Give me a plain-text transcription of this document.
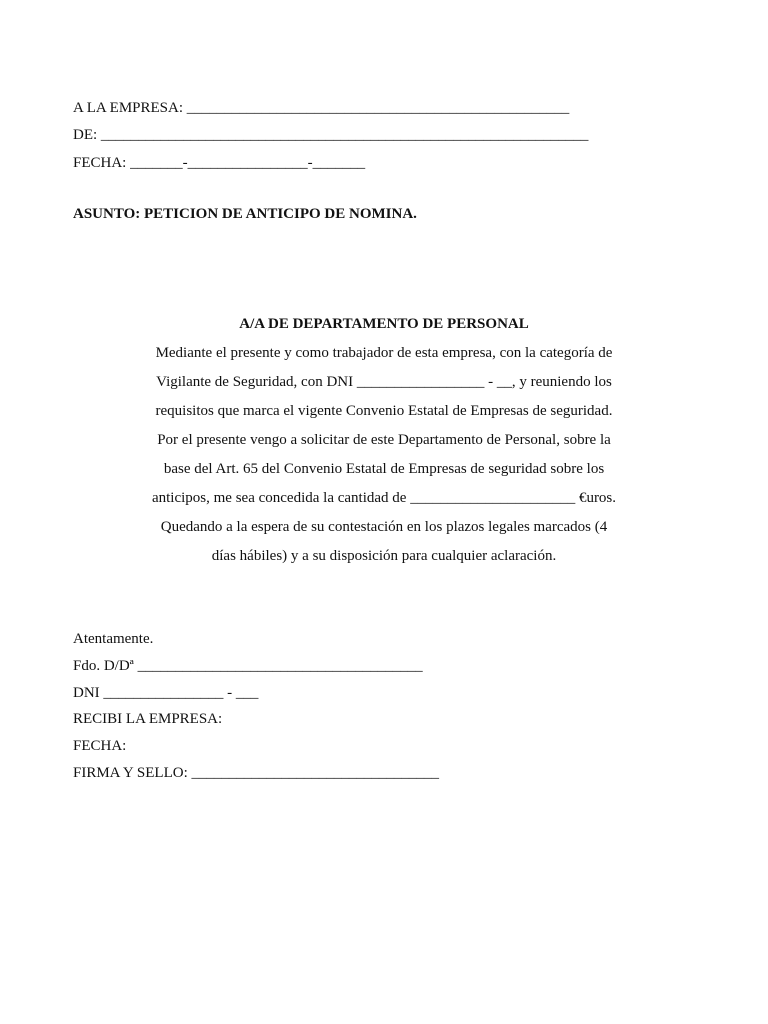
A LA EMPRESA: ___________________________________________________
DE: _________________________________________________________________
FECHA: _______-________________-_______
ASUNTO: PETICION DE ANTICIPO DE NOMINA.
A/A DE DEPARTAMENTO DE PERSONAL
Mediante el presente y como trabajador de esta empresa, con la categoría de
Vigilante de Seguridad, con DNI _________________ - __, y reuniendo los
requisitos que marca el vigente Convenio Estatal de Empresas de seguridad.
Por el presente vengo a solicitar de este Departamento de Personal, sobre la
base del Art. 65 del Convenio Estatal de Empresas de seguridad sobre los
anticipos, me sea concedida la cantidad de ______________________ €uros.
Quedando a la espera de su contestación en los plazos legales marcados (4
días hábiles) y a su disposición para cualquier aclaración.
Atentamente.
Fdo. D/Dª ______________________________________
DNI ________________ - ___
RECIBI LA EMPRESA:
FECHA:
FIRMA Y SELLO: _________________________________
